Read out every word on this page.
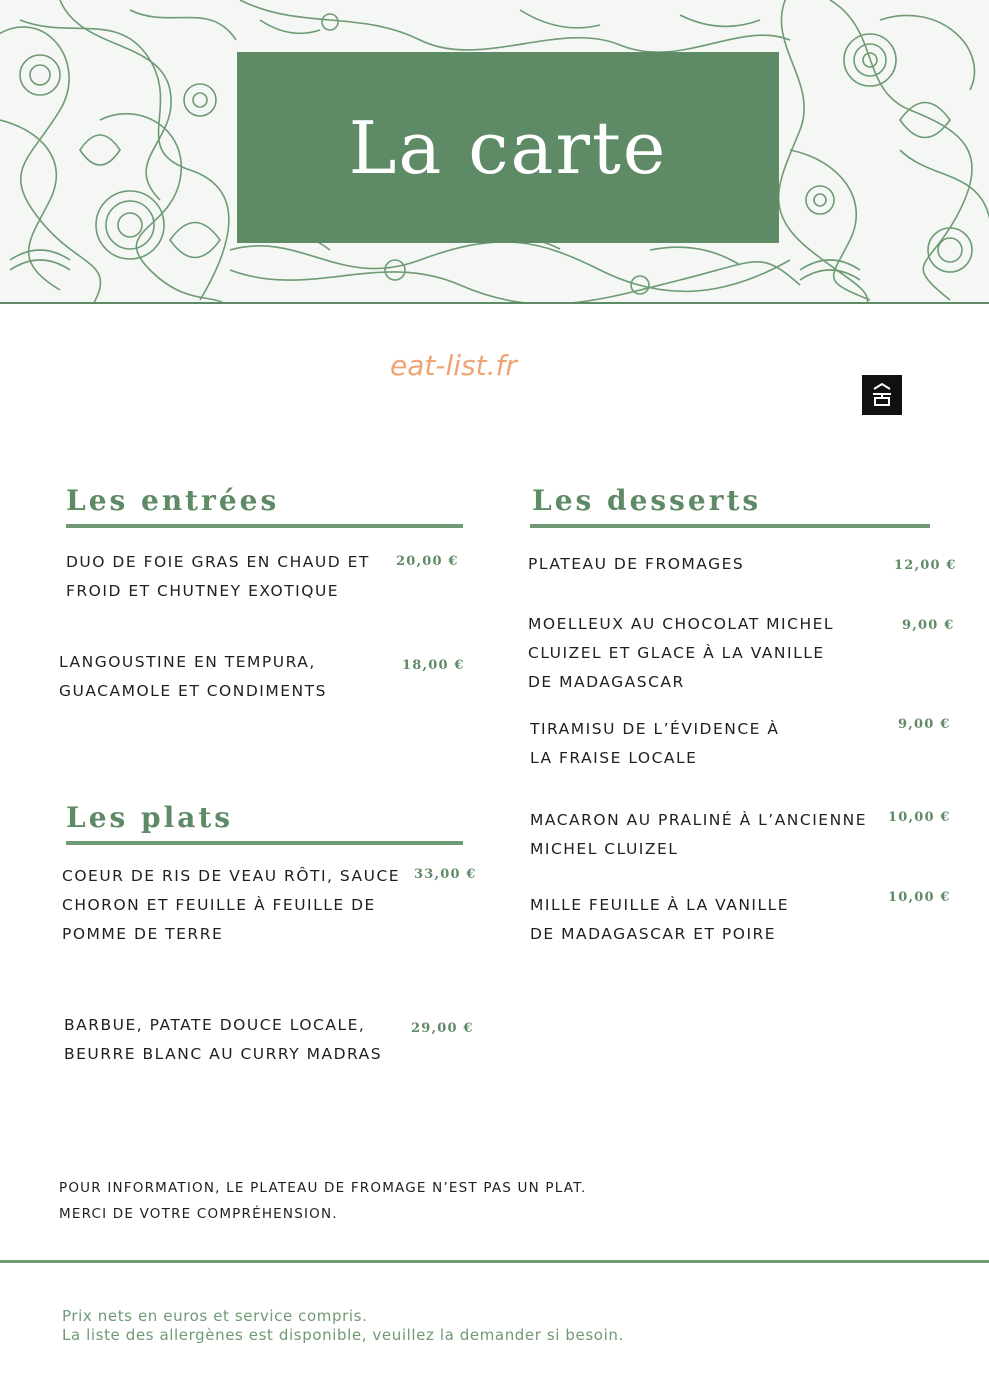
La carte
eat-list.fr
Les entrées

DUO DE FOIE GRAS EN CHAUD ET
FROID ET CHUTNEY EXOTIQUE

20,00 €

LANGOUSTINE EN TEMPURA,
GUACAMOLE ET CONDIMENTS

18,00 €

Les plats

COEUR DE RIS DE VEAU RÔTI, SAUCE
CHORON ET FEUILLE À FEUILLE DE
POMME DE TERRE

33,00 €

BARBUE, PATATE DOUCE LOCALE,
BEURRE BLANC AU CURRY MADRAS

29,00 €

Les desserts

PLATEAU DE FROMAGES	12,00 €

MOELLEUX AU CHOCOLAT MICHEL
CLUIZEL ET GLACE À LA VANILLE
DE MADAGASCAR

9,00 €

TIRAMISU DE L’ÉVIDENCE À
LA FRAISE LOCALE

9,00 €

MACARON AU PRALINÉ À L’ANCIENNE
MICHEL CLUIZEL

10,00 €

MILLE FEUILLE À LA VANILLE
DE MADAGASCAR ET POIRE

10,00 €

POUR INFORMATION, LE PLATEAU DE FROMAGE N’EST PAS UN PLAT.
MERCI DE VOTRE COMPRÉHENSION.

Prix nets en euros et service compris.
La liste des allergènes est disponible, veuillez la demander si besoin.
